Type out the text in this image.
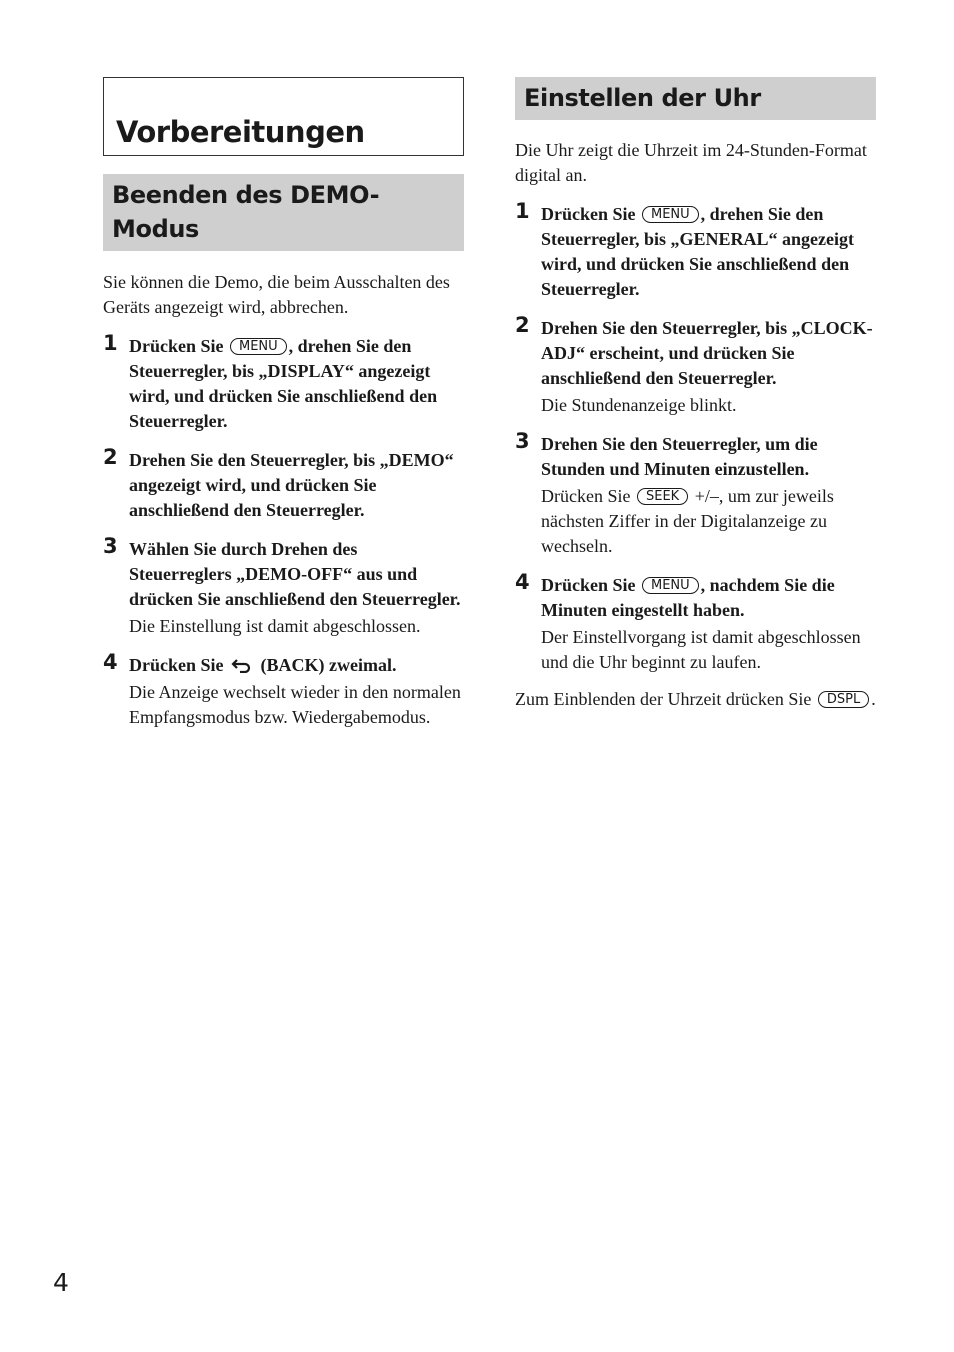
Vorbereitungen
Beenden des DEMO-
Modus

Sie können die Demo, die beim Ausschalten des Geräts angezeigt wird, abbrechen.

1 Drücken Sie MENU , drehen Sie den Steuerregler, bis „DISPLAY“ angezeigt wird, und drücken Sie anschließend den Steuerregler.
2 Drehen Sie den Steuerregler, bis „DEMO“ angezeigt wird, und drücken Sie anschließend den Steuerregler.
3 Wählen Sie durch Drehen des Steuerreglers „DEMO-OFF“ aus und drücken Sie anschließend den Steuerregler.
Die Einstellung ist damit abgeschlossen.
4 Drücken Sie  (BACK) zweimal.
Die Anzeige wechselt wieder in den normalen Empfangsmodus bzw. Wiedergabemodus.
Einstellen der Uhr

Die Uhr zeigt die Uhrzeit im 24-Stunden-Format digital an.

1 Drücken Sie MENU , drehen Sie den Steuerregler, bis „GENERAL“ angezeigt wird, und drücken Sie anschließend den Steuerregler.
2 Drehen Sie den Steuerregler, bis „CLOCK-ADJ“ erscheint, und drücken Sie anschließend den Steuerregler.
Die Stundenanzeige blinkt.
3 Drehen Sie den Steuerregler, um die Stunden und Minuten einzustellen.
Drücken Sie SEEK +/–, um zur jeweils nächsten Ziffer in der Digitalanzeige zu wechseln.
4 Drücken Sie MENU , nachdem Sie die Minuten eingestellt haben.
Der Einstellvorgang ist damit abgeschlossen und die Uhr beginnt zu laufen.

Zum Einblenden der Uhrzeit drücken Sie DSPL .

4
